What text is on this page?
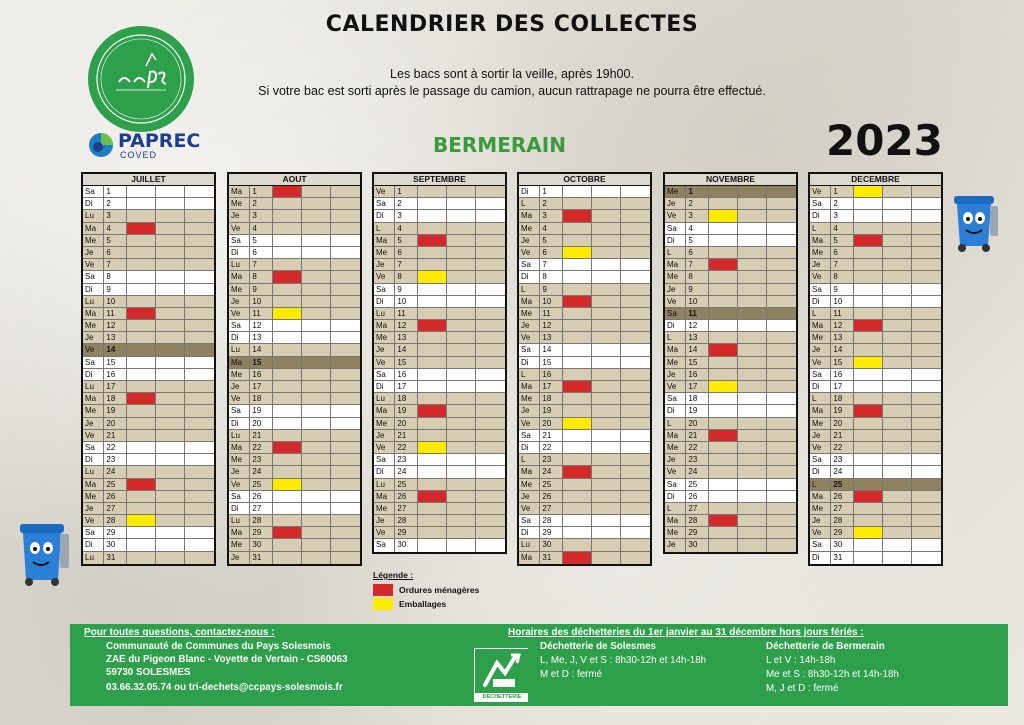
CALENDRIER DES COLLECTES
Les bacs sont à sortir la veille, après 19h00.
Si votre bac est sorti après le passage du camion, aucun rattrapage ne pourra être effectué.
PAPREC
COVED	BERMERAIN	2023
JUILLET
Sa	1
Di	2
Lu	3
Ma	4
Me	5
Je	6
Ve	7
Sa	8
Di	9
Lu	10
Ma	11
Me	12
Je	13
Ve	14
Sa	15
Di	16
Lu	17
Ma	18
Me	19
Je	20
Ve	21
Sa	22
Di	23
Lu	24
Ma	25
Me	26
Je	27
Ve	28
Sa	29
Di	30
Lu	31
AOUT
Ma	1
Me	2
Je	3
Ve	4
Sa	5
Di	6
Lu	7
Ma	8
Me	9
Je	10
Ve	11
Sa	12
Di	13
Lu	14
Ma	15
Me	16
Je	17
Ve	18
Sa	19
Di	20
Lu	21
Ma	22
Me	23
Je	24
Ve	25
Sa	26
Di	27
Lu	28
Ma	29
Me	30
Je	31
SEPTEMBRE
Ve	1
Sa	2
Di	3
L	4
Ma	5
Me	6
Je	7
Ve	8
Sa	9
Di	10
Lu	11
Ma	12
Me	13
Je	14
Ve	15
Sa	16
Di	17
Lu	18
Ma	19
Me	20
Je	21
Ve	22
Sa	23
Di	24
Lu	25
Ma	26
Me	27
Je	28
Ve	29
Sa	30
OCTOBRE
Di	1
L	2
Ma	3
Me	4
Je	5
Ve	6
Sa	7
Di	8
L	9
Ma	10
Me	11
Je	12
Ve	13
Sa	14
Di	15
L	16
Ma	17
Me	18
Je	19
Ve	20
Sa	21
Di	22
L	23
Ma	24
Me	25
Je	26
Ve	27
Sa	28
Di	29
Lu	30
Ma	31
NOVEMBRE
Me	1
Je	2
Ve	3
Sa	4
Di	5
L	6
Ma	7
Me	8
Je	9
Ve	10
Sa	11
Di	12
L	13
Ma	14
Me	15
Je	16
Ve	17
Sa	18
Di	19
L	20
Ma	21
Me	22
Je	23
Ve	24
Sa	25
Di	26
L	27
Ma	28
Me	29
Je	30
DECEMBRE
Ve	1
Sa	2
Di	3
L	4
Ma	5
Me	6
Je	7
Ve	8
Sa	9
Di	10
L	11
Ma	12
Me	13
Je	14
Ve	15
Sa	16
Di	17
L	18
Ma	19
Me	20
Je	21
Ve	22
Sa	23
Di	24
L	25
Ma	26
Me	27
Je	28
Ve	29
Sa	30
Di	31
Légende :
Ordures ménagères
Emballages
Pour toutes questions, contactez-nous :
Communauté de Communes du Pays Solesmois
ZAE du Pigeon Blanc - Voyette de Vertain - CS60063
59730 SOLESMES
03.66.32.05.74 ou tri-dechets@ccpays-solesmois.fr
Horaires des déchetteries du 1er janvier au 31 décembre hors jours fériés :
DECHETTERIE
Déchetterie de Solesmes
L, Me, J, V et S : 8h30-12h et 14h-18h
M et D : fermé
Déchetterie de Bermerain
L et V : 14h-18h
Me et S : 8h30-12h et 14h-18h
M, J et D : fermé
